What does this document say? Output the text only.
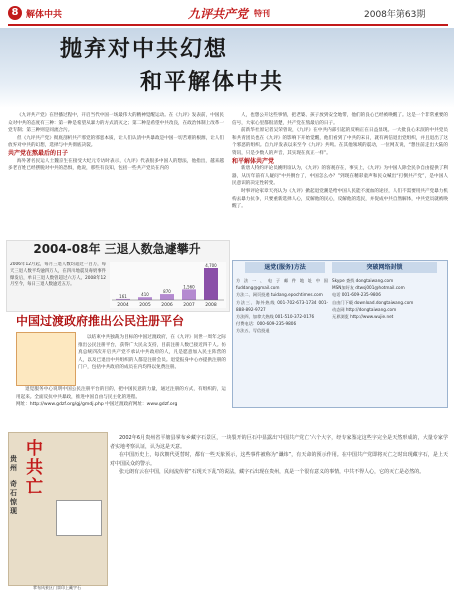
8 解体中共	九评共产党 特刊	2008年第63期
抛弃对中共幻想
和平解体中共

《九评共产党》在世播过程中，开启当代中国一场最伟大的精神觉醒运动。在《九评》发表前，中国民众对中共的态度有三种：第一种是希望从暴力的方式消灭之；第二种是希望中共改良，在政治体制上改革一党专制；第三种则是同流合污。

但《九评共产党》彻底剖析共产邪党的邪恶本质，让人们认清中共暴政是中国一切苦难的根源，让人们放弃对中共的幻想，选择与中共彻底决裂。

共产党在熬最后的日子

海外著名民运人士魏京生在接受大纪元专访时表示，《九评》代表很多中国人的想法，他指出，越来越多老百姓已经摆脱对中共的恐惧，他说，那些有良知，包括一些共产党员在内的

人，也想公开这些事情，把老婆、孩子放到安全地带，他们的良心已经被唤醒了。这是一个非常重要的信号，大家心里都很清楚，共产党在熬最后的日子。

前新华社原记者吴荣曾说，《九评》在中共内部引起的反响正在日益显现。一大批良心未泯的中共党员和共青团员也在《九评》的影响下开始觉醒，他们看到了中共的末日，就有两信退出党组织，并且退出了这个邪恶的组织。自九评发表以来至今《九评》共鸣。在其他领域的震动，一位网友说，“想住前走出大陆的资讯，只是少数人的声音，其实现在真正一样”。

和平解体共产党

新唐人特约评论员姚明谊认为，《九评》的客观存在，事实上，《九评》为中国人除全民争自由提供了利器，从历年前有人疑问“中共倒台了，中国怎么办？”到现在精彩童声和民众喊出“打倒共产党”，是中国人民意识的决定性转变。

时事评论家章天亮认为《九评》掀起退党潮是给中国人民能不流血的途径，人们不需要用共产党暴力机构去暴力抗争，只要重新选择人心，反解他的民心，反解他的选民，并促成中共自然解体，中共党员就被唤醒了。

2004-08年 三退人数急遽攀升
2006年12月起，每月三退人数均超过一百万，每天三退人数平均逾四万人，在四川地震及毒奶事件爆发后，单日三退人数曾超过六万人。2008年12月至今，每日三退人数逾近五万。
161
2004
410
2005
870
2006
1,560
2007
4,700
2008
中国过渡政府推出公民注册平台

以结束中共独裁为目标的中国过渡政府，在《九评》问世一周年之际推出公民注册平台，获得广大民众支持，目前注册人数已接近四千人。仿真总统四次开启共产党不承认中共政府的人，凡是愿意加入民主阵营的人，以及已退出中共组织的人都是注册会员。退觉报身中心亦提供注册的门户，包括中共政府的成员在内均得以免费注册。

退觉服务中心说明中国公民注册平台的目的，把中国民意的力量，通过注册的方式，有组织的，运用起来。全面反抗中共暴政，推进中国自由与民主化的进程。

网址：http://www.gdzf.org/gj/gmdj.php 中国过渡政府网址：www.gdzf.org
退党(服务)方法	突破网络封锁
方法一、电子邮件地址中国 fuddang@gmail.com
方法二、网页投递 tuidang.epochtimes.com
方法三、海外热线 001-702-673-1734 001-888-892-9727
方法四、加拿大热线 001-510-372-0176
付费电话：000-609-235-9806
方法五、写信投退
Skype 查找 dongtaiwang.com
MSN加好友 dtwsj001@hotmail.com
电话 001-609-235-9806
自由门下载 download.dongtaiwang.com
动态网 http://dongtaiwang.com
无界浏览 http://www.wujie.net
贵州
中共亡
奇石惊现
掌布风景区门票印上藏字石

2002年6月贵州省平塘县掌布乡藏字石景区，一块裂开的巨石中显露出‘中国共产党亡’六个大字，经专家鉴定这些字完全是天然形成的，大量专家学者实地考察认证，认为这是天意。

在中国历史上，每次朝代更替时，都有一些天象预示，这些事件被称为“谶纬”，有天命的预示作用。在中国共产党即将灭亡之时出现藏字石，是上天对中国民众的警示。

张元朗有云在中国，民间流传着“石现天下乱”的说法，藏字石出现在贵州，真是一个很有意义的事情，中共不得人心，它的灭亡是必然的。
